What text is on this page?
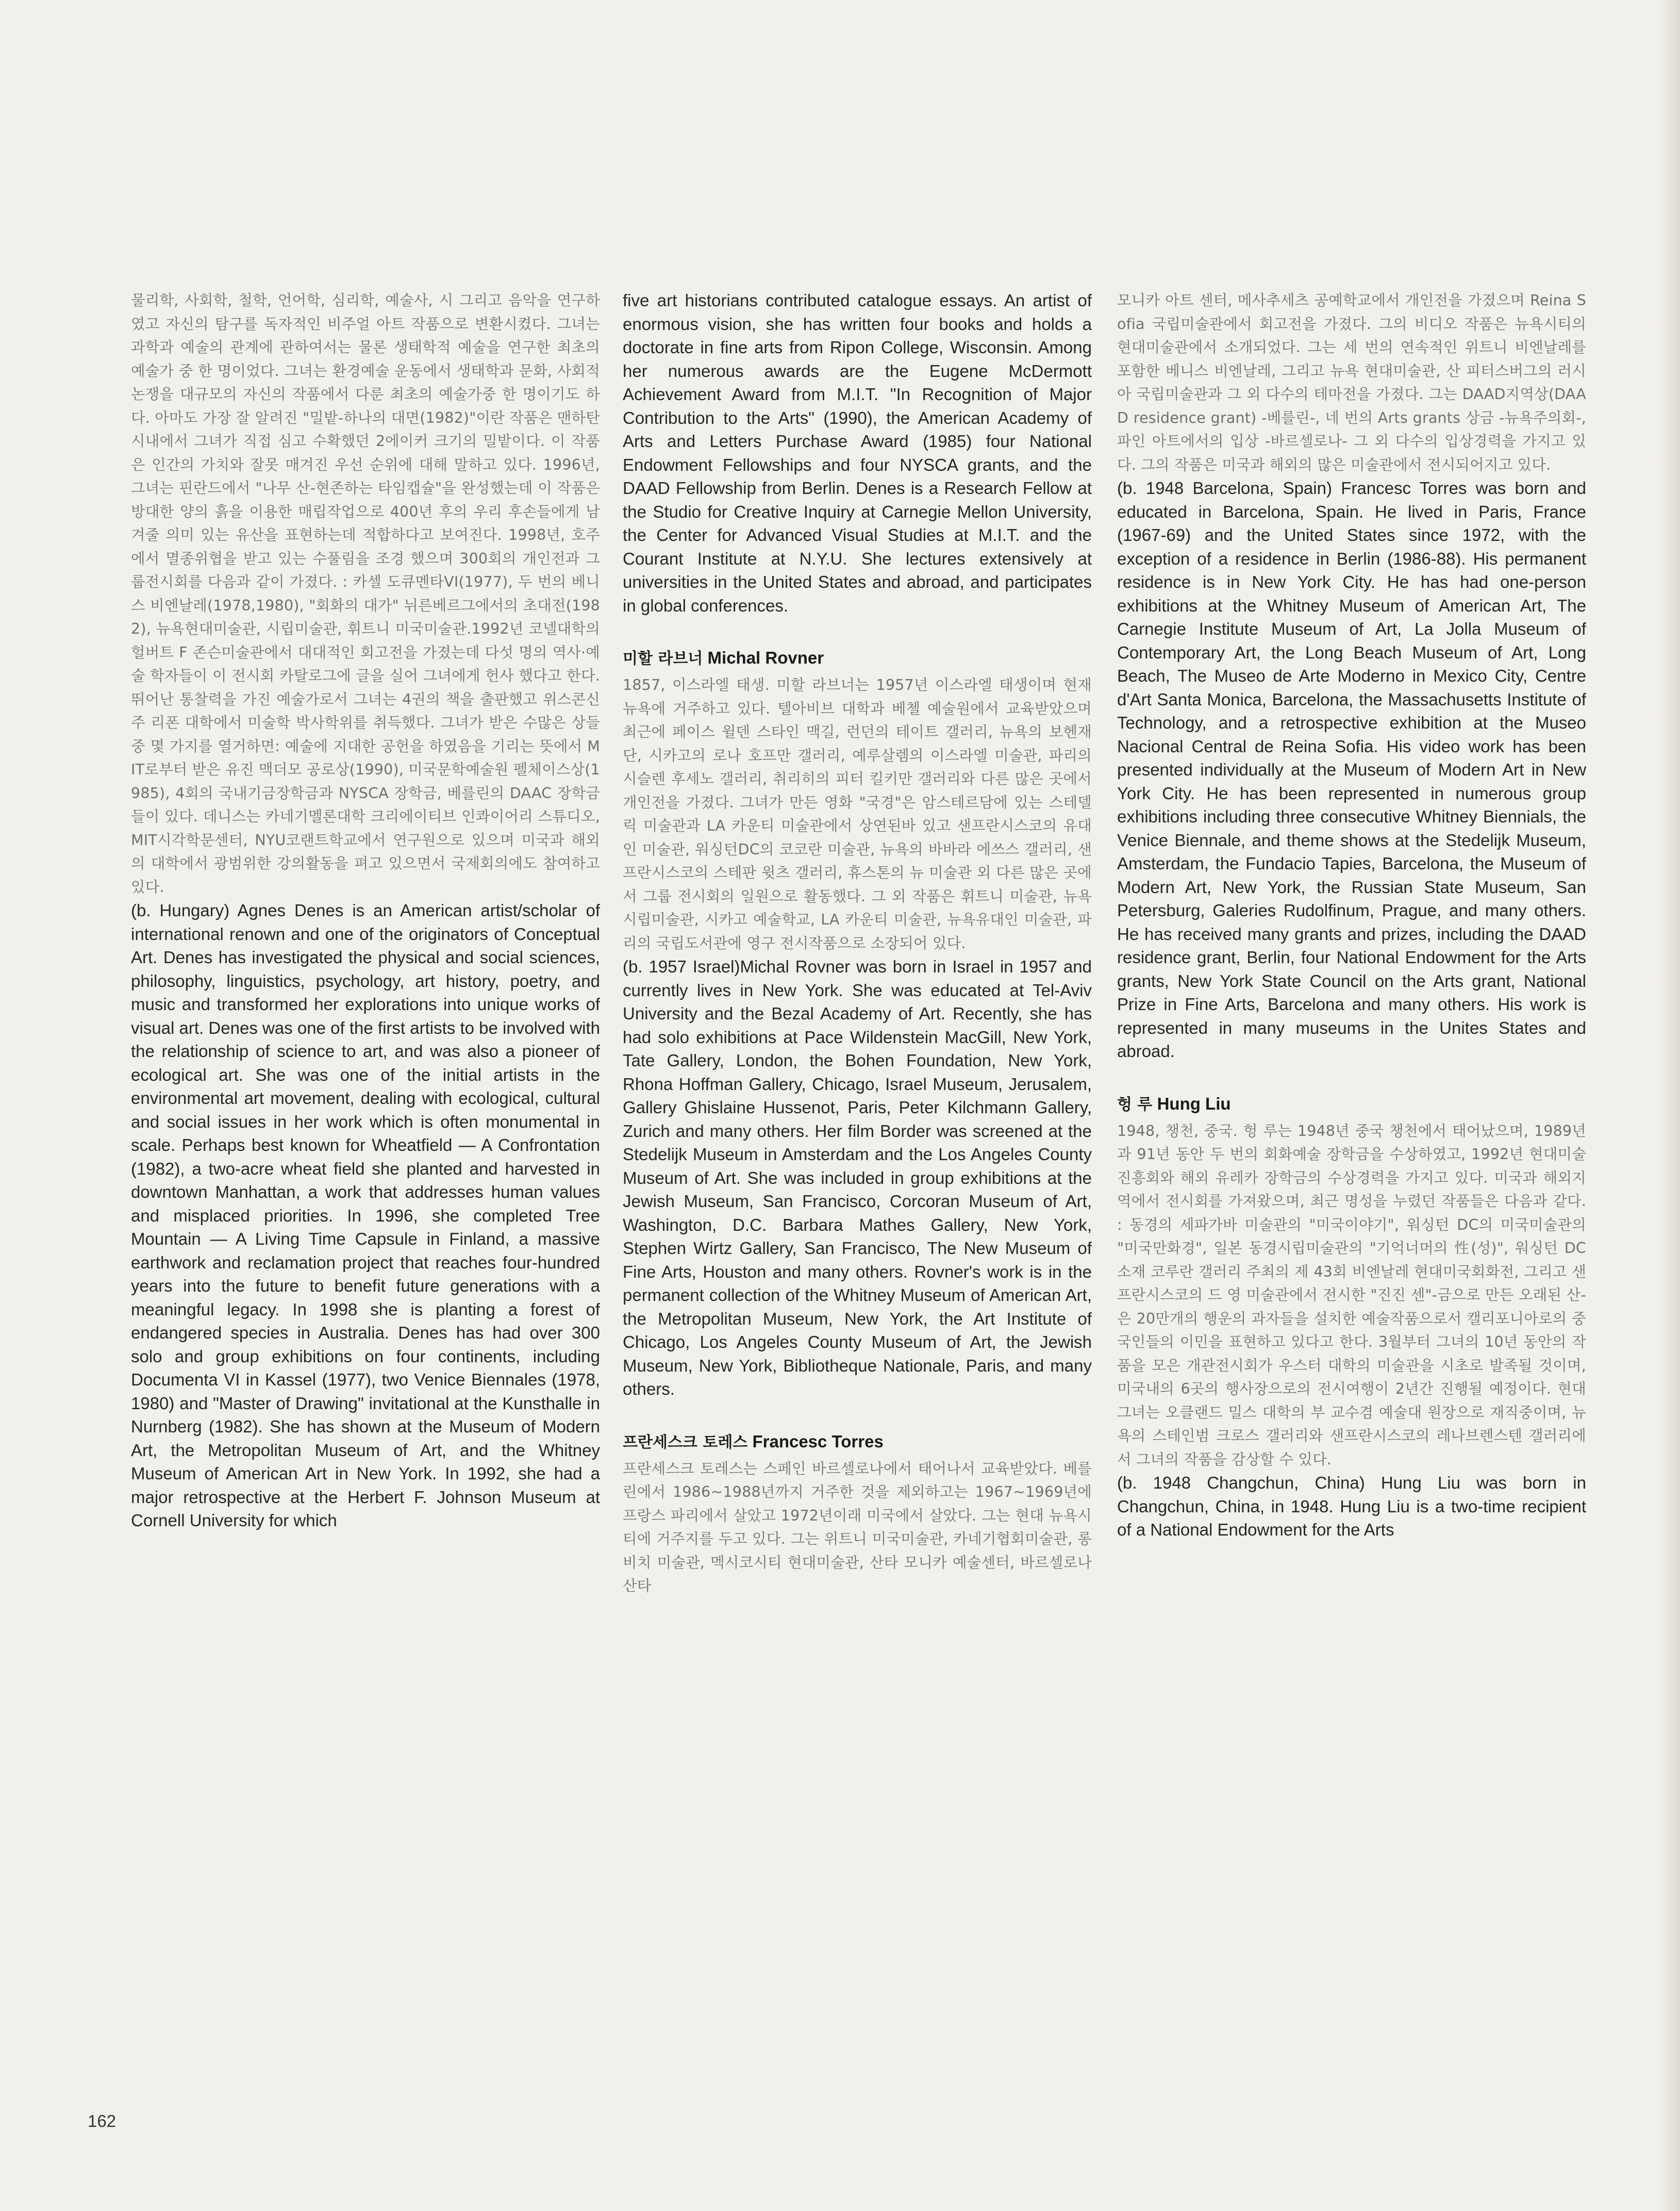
물리학, 사회학, 철학, 언어학, 심리학, 예술사, 시 그리고 음악을 연구하였고 자신의 탐구를 독자적인 비주얼 아트 작품으로 변환시켰다. 그녀는 과학과 예술의 관계에 관하여서는 물론 생태학적 예술을 연구한 최초의 예술가 중 한 명이었다. 그녀는 환경예술 운동에서 생태학과 문화, 사회적 논쟁을 대규모의 자신의 작품에서 다룬 최초의 예술가중 한 명이기도 하다. 아마도 가장 잘 알려진 "밀밭-하나의 대면(1982)"이란 작품은 맨하탄 시내에서 그녀가 직접 심고 수확했던 2에이커 크기의 밀밭이다. 이 작품은 인간의 가치와 잘못 매겨진 우선 순위에 대해 말하고 있다. 1996년, 그녀는 핀란드에서 "나무 산-현존하는 타임캡슐"을 완성했는데 이 작품은 방대한 양의 흙을 이용한 매립작업으로 400년 후의 우리 후손들에게 남겨줄 의미 있는 유산을 표현하는데 적합하다고 보여진다. 1998년, 호주에서 멸종위협을 받고 있는 수풀림을 조경 했으며 300회의 개인전과 그룹전시회를 다음과 같이 가졌다. : 카셀 도큐멘타VI(1977), 두 번의 베니스 비엔날레(1978,1980), "회화의 대가" 뉘른베르그에서의 초대전(1982), 뉴욕현대미술관, 시립미술관, 휘트니 미국미술관.1992년 코넬대학의 헐버트 F 존슨미술관에서 대대적인 회고전을 가졌는데 다섯 명의 역사·예술 학자들이 이 전시회 카탈로그에 글을 실어 그녀에게 헌사 했다고 한다. 뛰어난 통찰력을 가진 예술가로서 그녀는 4권의 책을 출판했고 위스콘신주 리폰 대학에서 미술학 박사학위를 취득했다. 그녀가 받은 수많은 상들 중 몇 가지를 열거하면: 예술에 지대한 공헌을 하였음을 기리는 뜻에서 MIT로부터 받은 유진 맥더모 공로상(1990), 미국문학예술원 펠체이스상(1985), 4회의 국내기금장학금과 NYSCA 장학금, 베를린의 DAAC 장학금들이 있다. 데니스는 카네기멜론대학 크리에이티브 인콰이어리 스튜디오, MIT시각학문센터, NYU코랜트학교에서 연구원으로 있으며 미국과 해외의 대학에서 광범위한 강의활동을 펴고 있으면서 국제회의에도 참여하고 있다.

(b. Hungary) Agnes Denes is an American artist/scholar of international renown and one of the originators of Conceptual Art. Denes has investigated the physical and social sciences, philosophy, linguistics, psychology, art history, poetry, and music and transformed her explorations into unique works of visual art. Denes was one of the first artists to be involved with the relationship of science to art, and was also a pioneer of ecological art. She was one of the initial artists in the environmental art movement, dealing with ecological, cultural and social issues in her work which is often monumental in scale. Perhaps best known for Wheatfield — A Confrontation (1982), a two-acre wheat field she planted and harvested in downtown Manhattan, a work that addresses human values and misplaced priorities. In 1996, she completed Tree Mountain — A Living Time Capsule in Finland, a massive earthwork and reclamation project that reaches four-hundred years into the future to benefit future generations with a meaningful legacy. In 1998 she is planting a forest of endangered species in Australia. Denes has had over 300 solo and group exhibitions on four continents, including Documenta VI in Kassel (1977), two Venice Biennales (1978, 1980) and "Master of Drawing" invitational at the Kunsthalle in Nurnberg (1982). She has shown at the Museum of Modern Art, the Metropolitan Museum of Art, and the Whitney Museum of American Art in New York. In 1992, she had a major retrospective at the Herbert F. Johnson Museum at Cornell University for which

five art historians contributed catalogue essays. An artist of enormous vision, she has written four books and holds a doctorate in fine arts from Ripon College, Wisconsin. Among her numerous awards are the Eugene McDermott Achievement Award from M.I.T. "In Recognition of Major Contribution to the Arts" (1990), the American Academy of Arts and Letters Purchase Award (1985) four National Endowment Fellowships and four NYSCA grants, and the DAAD Fellowship from Berlin. Denes is a Research Fellow at the Studio for Creative Inquiry at Carnegie Mellon University, the Center for Advanced Visual Studies at M.I.T. and the Courant Institute at N.Y.U. She lectures extensively at universities in the United States and abroad, and participates in global conferences.

미할 라브너 Michal Rovner

1857, 이스라엘 태생. 미할 라브너는 1957년 이스라엘 태생이며 현재 뉴욕에 거주하고 있다. 텔아비브 대학과 베첼 예술원에서 교육받았으며 최근에 페이스 윌덴 스타인 맥길, 런던의 테이트 갤러리, 뉴욕의 보헨재단, 시카고의 로나 호프만 갤러리, 예루살렘의 이스라엘 미술관, 파리의 시슬렌 후세노 갤러리, 취리히의 피터 킬키만 갤러리와 다른 많은 곳에서 개인전을 가졌다. 그녀가 만든 영화 "국경"은 암스테르담에 있는 스테델릭 미술관과 LA 카운티 미술관에서 상연된바 있고 샌프란시스코의 유대인 미술관, 워싱턴DC의 코코란 미술관, 뉴욕의 바바라 에쓰스 갤러리, 샌프란시스코의 스테판 윗츠 갤러리, 휴스톤의 뉴 미술관 외 다른 많은 곳에서 그룹 전시회의 일원으로 활동했다. 그 외 작품은 휘트니 미술관, 뉴욕시립미술관, 시카고 예술학교, LA 카운티 미술관, 뉴욕유대인 미술관, 파리의 국립도서관에 영구 전시작품으로 소장되어 있다.

(b. 1957 Israel)Michal Rovner was born in Israel in 1957 and currently lives in New York. She was educated at Tel-Aviv University and the Bezal Academy of Art. Recently, she has had solo exhibitions at Pace Wildenstein MacGill, New York, Tate Gallery, London, the Bohen Foundation, New York, Rhona Hoffman Gallery, Chicago, Israel Museum, Jerusalem, Gallery Ghislaine Hussenot, Paris, Peter Kilchmann Gallery, Zurich and many others. Her film Border was screened at the Stedelijk Museum in Amsterdam and the Los Angeles County Museum of Art. She was included in group exhibitions at the Jewish Museum, San Francisco, Corcoran Museum of Art, Washington, D.C. Barbara Mathes Gallery, New York, Stephen Wirtz Gallery, San Francisco, The New Museum of Fine Arts, Houston and many others. Rovner's work is in the permanent collection of the Whitney Museum of American Art, the Metropolitan Museum, New York, the Art Institute of Chicago, Los Angeles County Museum of Art, the Jewish Museum, New York, Bibliotheque Nationale, Paris, and many others.

프란세스크 토레스 Francesc Torres

프란세스크 토레스는 스페인 바르셀로나에서 태어나서 교육받았다. 베를린에서 1986~1988년까지 거주한 것을 제외하고는 1967~1969년에 프랑스 파리에서 살았고 1972년이래 미국에서 살았다. 그는 현대 뉴욕시티에 거주지를 두고 있다. 그는 위트니 미국미술관, 카네기협회미술관, 롱비치 미술관, 멕시코시티 현대미술관, 산타 모니카 예술센터, 바르셀로나 산타

모니카 아트 센터, 메사추세츠 공예학교에서 개인전을 가졌으며 Reina Sofia 국립미술관에서 회고전을 가졌다. 그의 비디오 작품은 뉴욕시티의 현대미술관에서 소개되었다. 그는 세 번의 연속적인 위트니 비엔날레를 포함한 베니스 비엔날레, 그리고 뉴욕 현대미술관, 산 피터스버그의 러시아 국립미술관과 그 외 다수의 테마전을 가졌다. 그는 DAAD지역상(DAAD residence grant) -베를린-, 네 번의 Arts grants 상금 -뉴욕주의회-, 파인 아트에서의 입상 -바르셀로나- 그 외 다수의 입상경력을 가지고 있다. 그의 작품은 미국과 해외의 많은 미술관에서 전시되어지고 있다.

(b. 1948 Barcelona, Spain) Francesc Torres was born and educated in Barcelona, Spain. He lived in Paris, France (1967-69) and the United States since 1972, with the exception of a residence in Berlin (1986-88). His permanent residence is in New York City. He has had one-person exhibitions at the Whitney Museum of American Art, The Carnegie Institute Museum of Art, La Jolla Museum of Contemporary Art, the Long Beach Museum of Art, Long Beach, The Museo de Arte Moderno in Mexico City, Centre d'Art Santa Monica, Barcelona, the Massachusetts Institute of Technology, and a retrospective exhibition at the Museo Nacional Central de Reina Sofia. His video work has been presented individually at the Museum of Modern Art in New York City. He has been represented in numerous group exhibitions including three consecutive Whitney Biennials, the Venice Biennale, and theme shows at the Stedelijk Museum, Amsterdam, the Fundacio Tapies, Barcelona, the Museum of Modern Art, New York, the Russian State Museum, San Petersburg, Galeries Rudolfinum, Prague, and many others. He has received many grants and prizes, including the DAAD residence grant, Berlin, four National Endowment for the Arts grants, New York State Council on the Arts grant, National Prize in Fine Arts, Barcelona and many others. His work is represented in many museums in the Unites States and abroad.

헝 루 Hung Liu

1948, 챙천, 중국. 헝 루는 1948년 중국 챙천에서 태어났으며, 1989년과 91년 동안 두 번의 회화예술 장학금을 수상하였고, 1992년 현대미술진흥회와 해외 유레카 장학금의 수상경력을 가지고 있다. 미국과 해외지역에서 전시회를 가져왔으며, 최근 명성을 누렸던 작품들은 다음과 같다. : 동경의 세파가바 미술관의 "미국이야기", 워싱턴 DC의 미국미술관의 "미국만화경", 일본 동경시립미술관의 "기억너머의 性(성)", 워싱턴 DC 소재 코루란 갤러리 주최의 제 43회 비엔날레 현대미국회화전, 그리고 샌프란시스코의 드 영 미술관에서 전시한 "진진 센"-금으로 만든 오래된 산-은 20만개의 행운의 과자들을 설치한 예술작품으로서 캘리포니아로의 중국인들의 이민을 표현하고 있다고 한다. 3월부터 그녀의 10년 동안의 작품을 모은 개관전시회가 우스터 대학의 미술관을 시초로 발족될 것이며, 미국내의 6곳의 행사장으로의 전시여행이 2년간 진행될 예정이다. 현대 그녀는 오클랜드 밀스 대학의 부 교수겸 예술대 원장으로 재직중이며, 뉴욕의 스테인범 크로스 갤러리와 샌프란시스코의 레나브렌스텐 갤러리에서 그녀의 작품을 감상할 수 있다.

(b. 1948 Changchun, China) Hung Liu was born in Changchun, China, in 1948. Hung Liu is a two-time recipient of a National Endowment for the Arts

162
